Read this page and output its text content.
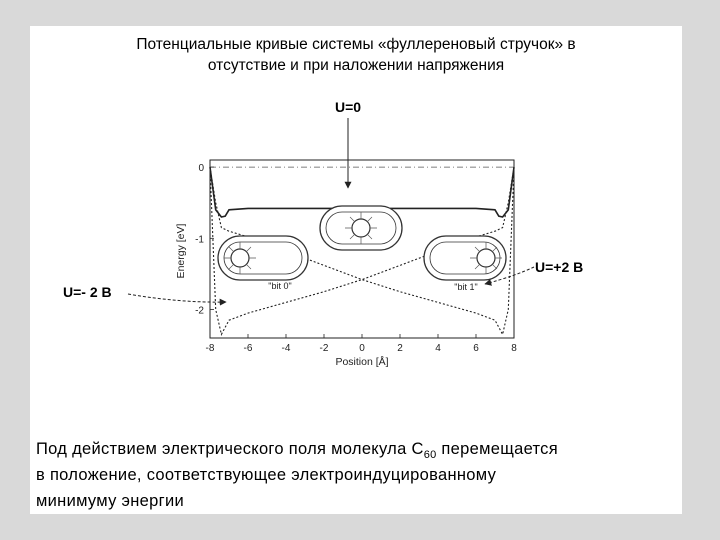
Потенциальные кривые системы «фуллереновый стручок» в
отсутствие и при наложении напряжения
-8	-6	-4	-2	0	2	4	6	8
0
-1
-2
"bit 0"	"bit 1"
Position [Å]
Energy [eV]
U=0
U=+2 В
U=- 2 В
Под действием электрического поля молекула $С_{60}$ перемещается
в положение, соответствующее электроиндуцированному
минимуму энергии
